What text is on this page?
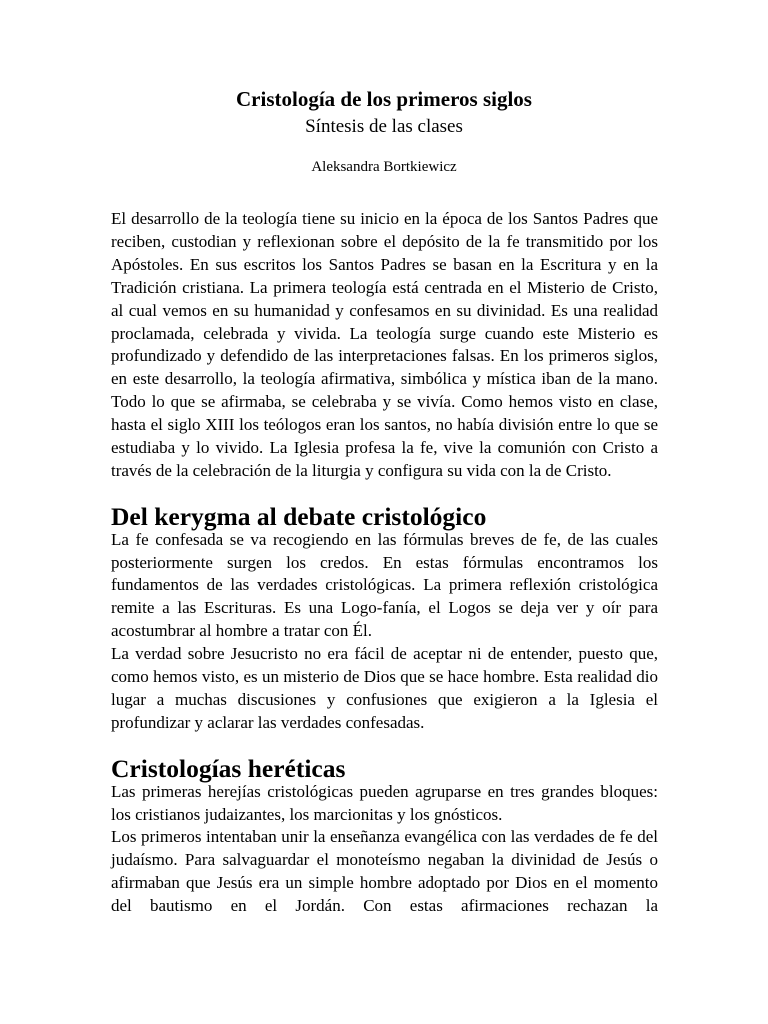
Cristología de los primeros siglos
Síntesis de las clases
Aleksandra Bortkiewicz

El desarrollo de la teología tiene su inicio en la época de los Santos Padres que reciben, custodian y reflexionan sobre el depósito de la fe transmitido por los Apóstoles. En sus escritos los Santos Padres se basan en la Escritura y en la Tradición cristiana. La primera teología está centrada en el Misterio de Cristo, al cual vemos en su humanidad y confesamos en su divinidad. Es una realidad proclamada, celebrada y vivida. La teología surge cuando este Misterio es profundizado y defendido de las interpretaciones falsas. En los primeros siglos, en este desarrollo, la teología afirmativa, simbólica y mística iban de la mano. Todo lo que se afirmaba, se celebraba y se vivía. Como hemos visto en clase, hasta el siglo XIII los teólogos eran los santos, no había división entre lo que se estudiaba y lo vivido. La Iglesia profesa la fe, vive la comunión con Cristo a través de la celebración de la liturgia y configura su vida con la de Cristo.

Del kerygma al debate cristológico

La fe confesada se va recogiendo en las fórmulas breves de fe, de las cuales posteriormente surgen los credos. En estas fórmulas encontramos los fundamentos de las verdades cristológicas. La primera reflexión cristológica remite a las Escrituras. Es una Logo-fanía, el Logos se deja ver y oír para acostumbrar al hombre a tratar con Él.

La verdad sobre Jesucristo no era fácil de aceptar ni de entender, puesto que, como hemos visto, es un misterio de Dios que se hace hombre. Esta realidad dio lugar a muchas discusiones y confusiones que exigieron a la Iglesia el profundizar y aclarar las verdades confesadas.

Cristologías heréticas

Las primeras herejías cristológicas pueden agruparse en tres grandes bloques: los cristianos judaizantes, los marcionitas y los gnósticos.

Los primeros intentaban unir la enseñanza evangélica con las verdades de fe del judaísmo. Para salvaguardar el monoteísmo negaban la divinidad de Jesús o afirmaban que Jesús era un simple hombre adoptado por Dios en el momento del bautismo en el Jordán. Con estas afirmaciones rechazan la
